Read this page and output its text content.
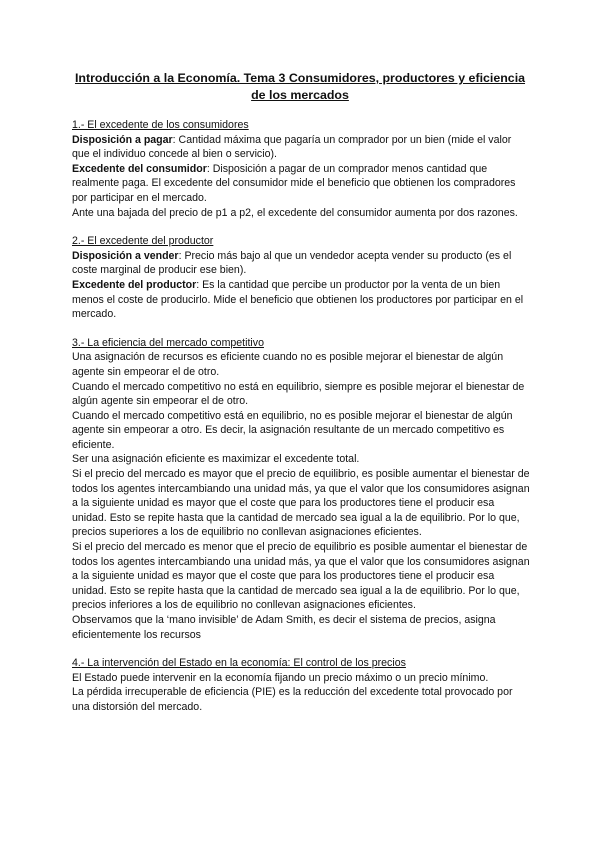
Introducción a la Economía. Tema 3 Consumidores, productores y eficiencia de los mercados

1.- El excedente de los consumidores

Disposición a pagar: Cantidad máxima que pagaría un comprador por un bien (mide el valor que el individuo concede al bien o servicio).

Excedente del consumidor: Disposición a pagar de un comprador menos cantidad que realmente paga. El excedente del consumidor mide el beneficio que obtienen los compradores por participar en el mercado.

Ante una bajada del precio de p1 a p2, el excedente del consumidor aumenta por dos razones.

2.- El excedente del productor

Disposición a vender: Precio más bajo al que un vendedor acepta vender su producto (es el coste marginal de producir ese bien).

Excedente del productor: Es la cantidad que percibe un productor por la venta de un bien menos el coste de producirlo. Mide el beneficio que obtienen los productores por participar en el mercado.

3.- La eficiencia del mercado competitivo

Una asignación de recursos es eficiente cuando no es posible mejorar el bienestar de algún agente sin empeorar el de otro.

Cuando el mercado competitivo no está en equilibrio, siempre es posible mejorar el bienestar de algún agente sin empeorar el de otro.

Cuando el mercado competitivo está en equilibrio, no es posible mejorar el bienestar de algún agente sin empeorar a otro. Es decir, la asignación resultante de un mercado competitivo es eficiente.

Ser una asignación eficiente es maximizar el excedente total.

Si el precio del mercado es mayor que el precio de equilibrio, es posible aumentar el bienestar de todos los agentes intercambiando una unidad más, ya que el valor que los consumidores asignan a la siguiente unidad es mayor que el coste que para los productores tiene el producir esa unidad. Esto se repite hasta que la cantidad de mercado sea igual a la de equilibrio. Por lo que, precios superiores a los de equilibrio no conllevan asignaciones eficientes.

Si el precio del mercado es menor que el precio de equilibrio es posible aumentar el bienestar de todos los agentes intercambiando una unidad más, ya que el valor que los consumidores asignan a la siguiente unidad es mayor que el coste que para los productores tiene el producir esa unidad. Esto se repite hasta que la cantidad de mercado sea igual a la de equilibrio. Por lo que, precios inferiores a los de equilibrio no conllevan asignaciones eficientes.

Observamos que la ‘mano invisible’ de Adam Smith, es decir el sistema de precios, asigna eficientemente los recursos

4.- La intervención del Estado en la economía: El control de los precios

El Estado puede intervenir en la economía fijando un precio máximo o un precio mínimo.

La pérdida irrecuperable de eficiencia (PIE) es la reducción del excedente total provocado por una distorsión del mercado.
